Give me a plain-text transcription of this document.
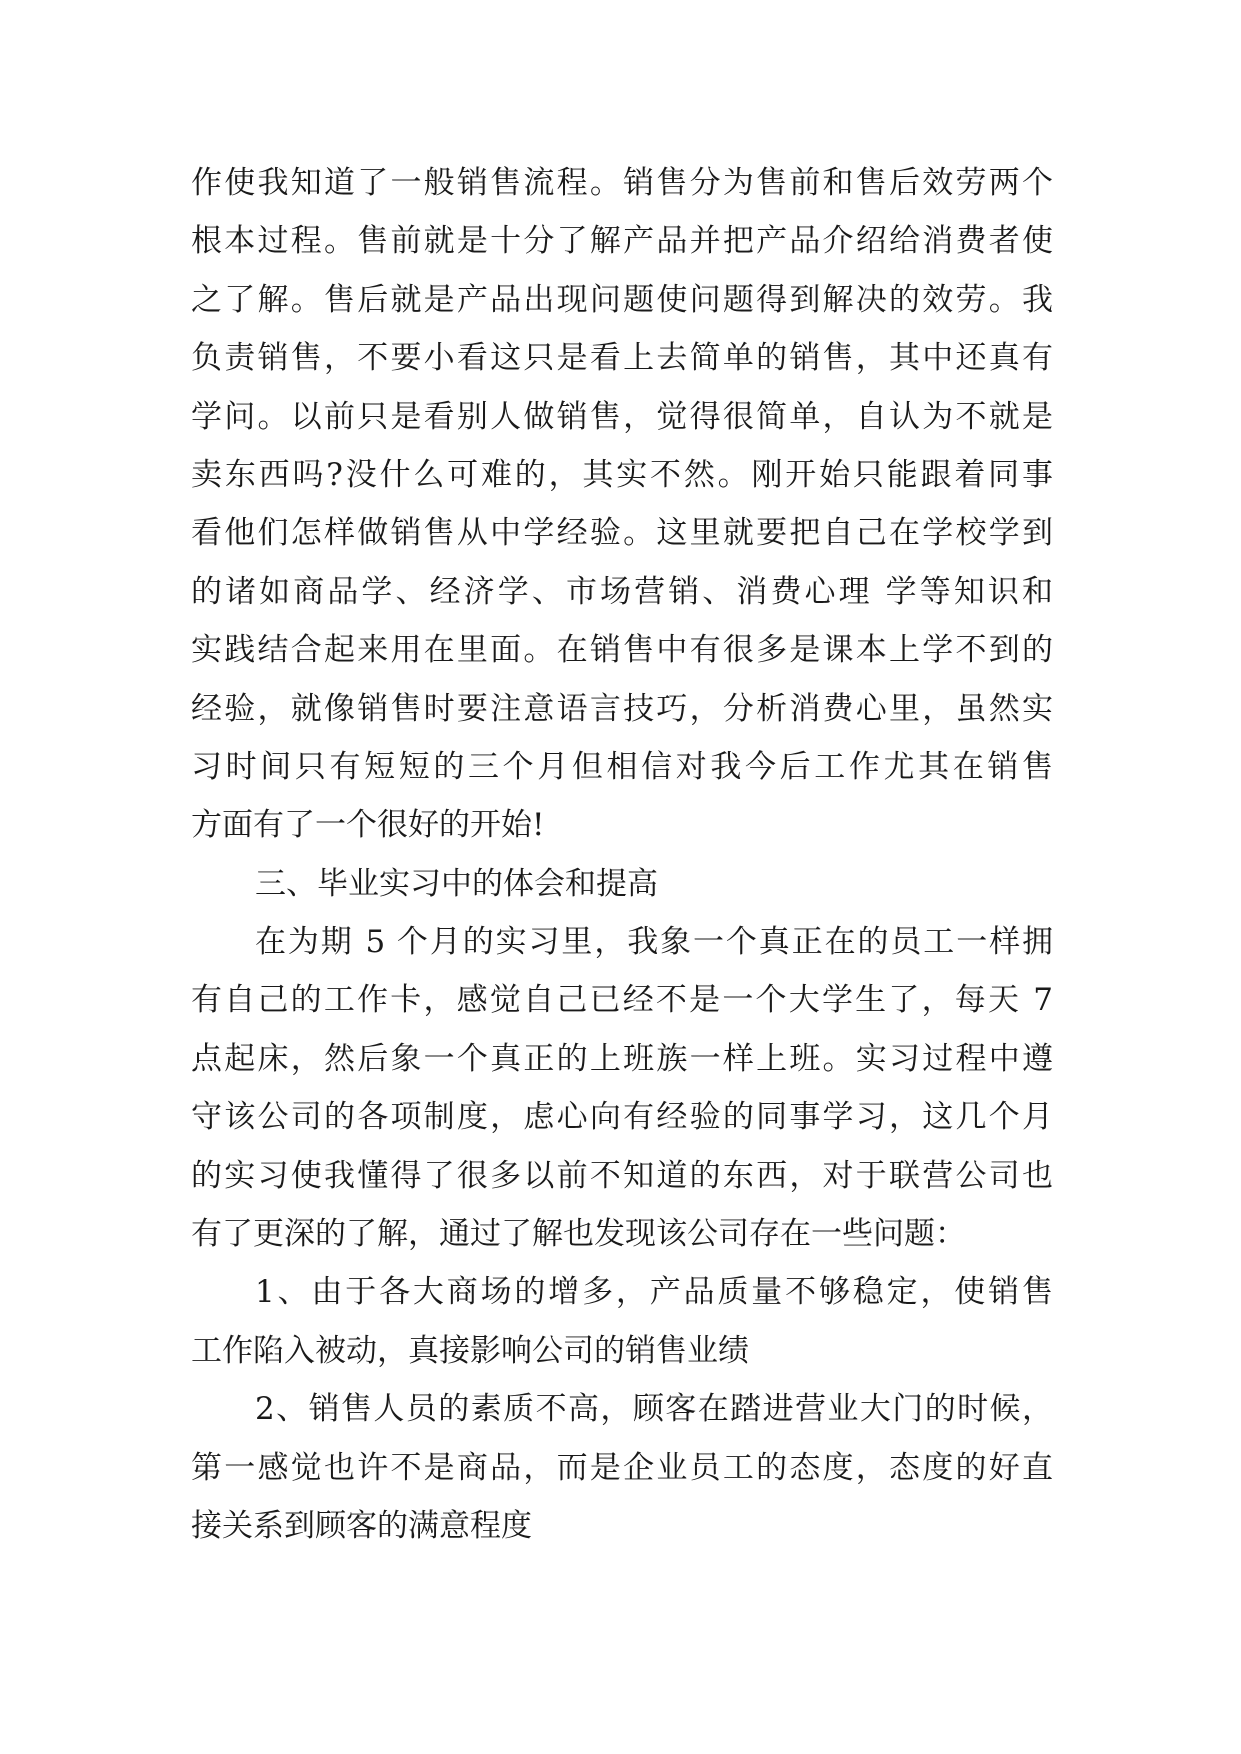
作使我知道了一般销售流程。销售分为售前和售后效劳两个
根本过程。售前就是十分了解产品并把产品介绍给消费者使
之了解。售后就是产品出现问题使问题得到解决的效劳。我
负责销售，不要小看这只是看上去简单的销售，其中还真有
学问。以前只是看别人做销售，觉得很简单，自认为不就是
卖东西吗?没什么可难的，其实不然。刚开始只能跟着同事
看他们怎样做销售从中学经验。这里就要把自己在学校学到
的诸如商品学、经济学、市场营销、消费心理 学等知识和
实践结合起来用在里面。在销售中有很多是课本上学不到的
经验，就像销售时要注意语言技巧，分析消费心里，虽然实
习时间只有短短的三个月但相信对我今后工作尤其在销售
方面有了一个很好的开始!
三、毕业实习中的体会和提高
在为期 5 个月的实习里，我象一个真正在的员工一样拥
有自己的工作卡，感觉自己已经不是一个大学生了，每天 7
点起床，然后象一个真正的上班族一样上班。实习过程中遵
守该公司的各项制度，虑心向有经验的同事学习，这几个月
的实习使我懂得了很多以前不知道的东西，对于联营公司也
有了更深的了解，通过了解也发现该公司存在一些问题：
1、由于各大商场的增多，产品质量不够稳定，使销售
工作陷入被动，真接影响公司的销售业绩
2、销售人员的素质不高，顾客在踏进营业大门的时候，
第一感觉也许不是商品，而是企业员工的态度，态度的好直
接关系到顾客的满意程度
